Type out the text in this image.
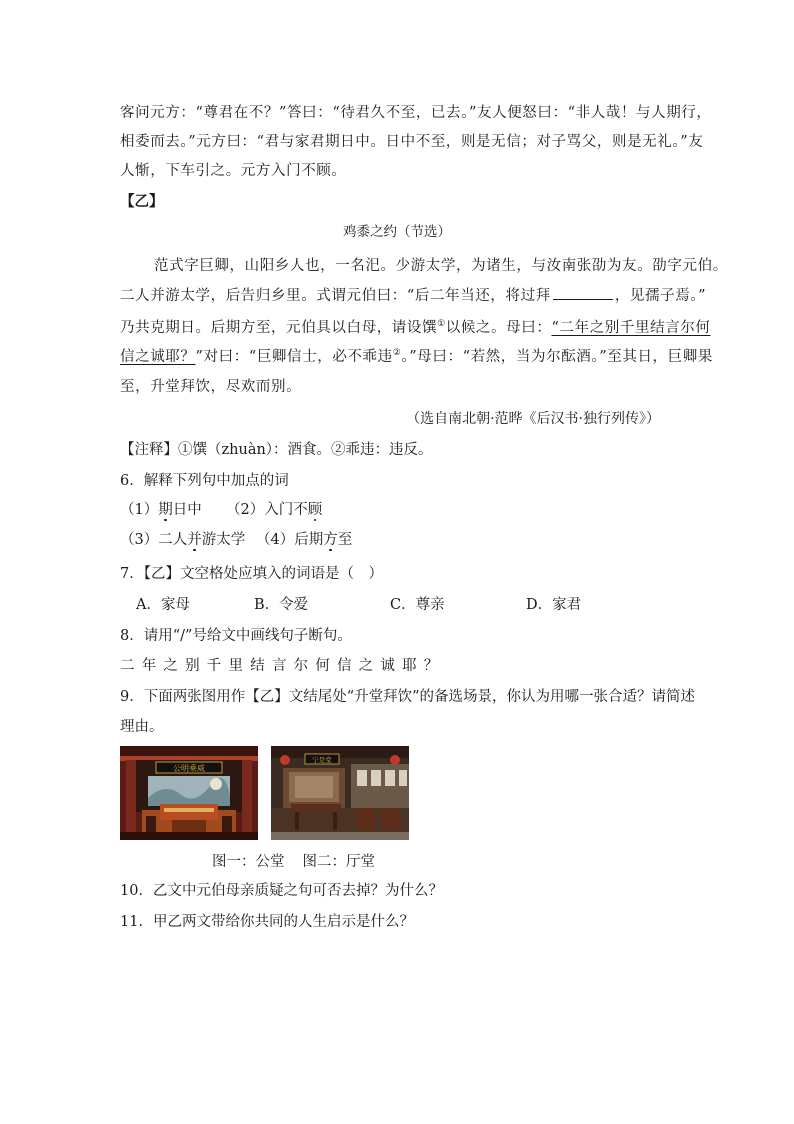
客问元方：“尊君在不？”答曰：“待君久不至，已去。”友人便怒曰：“非人哉！与人期行，
相委而去。”元方曰：“君与家君期日中。日中不至，则是无信；对子骂父，则是无礼。”友
人惭，下车引之。元方入门不顾。
【乙】
鸡黍之约（节选）
范式字巨卿，山阳乡人也，一名汜。少游太学，为诸生，与汝南张劭为友。劭字元伯。
二人并游太学，后告归乡里。式谓元伯曰：“后二年当还，将过拜	，见孺子焉。”
乃共克期日。后期方至，元伯具以白母，请设馔①以候之。母曰：“二年之别千里结言尔何
信之诚耶？”对曰：“巨卿信士，必不乖违②。”母曰：“若然，当为尔酝酒。”至其日，巨卿果
至，升堂拜饮，尽欢而别。
（选自南北朝·范晔《后汉书·独行列传》）
【注释】①馔（zhuàn）：酒食。②乖违：违反。
6．解释下列句中加点的词
（1）期日中 （2）入门不顾
（3）二人并游太学 （4）后期方至
7．【乙】文空格处应填入的词语是（　）
A．家母	B．令爱	C．尊亲	D．家君
8．请用“/”号给文中画线句子断句。
二年之别千里结言尔何信之诚耶？
9．下面两张图用作【乙】文结尾处“升堂拜饮”的备选场景，你认为用哪一张合适？请简述
理由。
公明乘威
宁是堂
图一：公堂 图二：厅堂
10．乙文中元伯母亲质疑之句可否去掉？为什么？
11．甲乙两文带给你共同的人生启示是什么？
